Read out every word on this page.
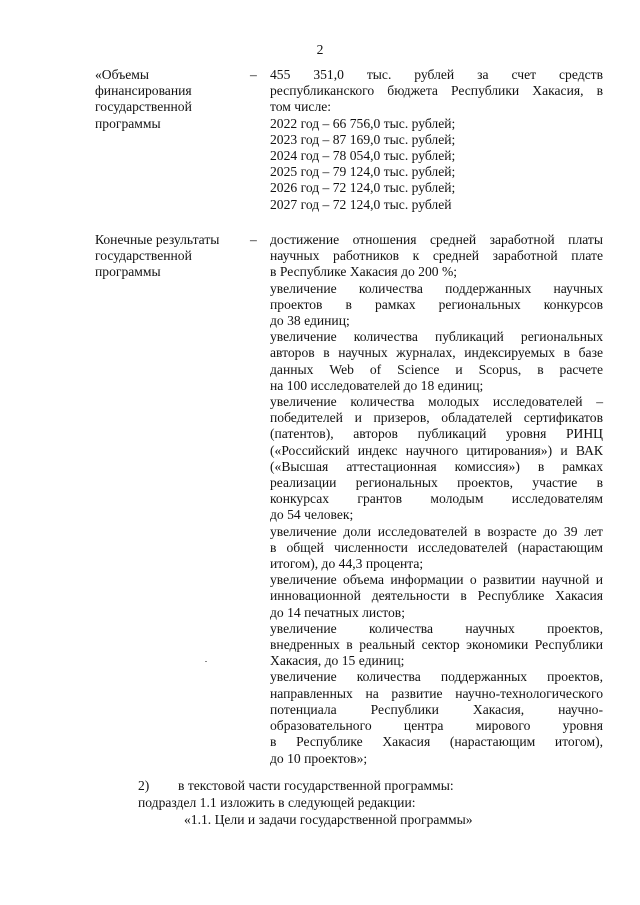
2
«Объемы
финансирования
государственной
программы
– 455 351,0 тыс. рублей за счет средств
республиканского бюджета Республики Хакасия, в
том числе:
2022 год – 66 756,0 тыс. рублей;
2023 год – 87 169,0 тыс. рублей;
2024 год – 78 054,0 тыс. рублей;
2025 год – 79 124,0 тыс. рублей;
2026 год – 72 124,0 тыс. рублей;
2027 год – 72 124,0 тыс. рублей
Конечные результаты
государственной
программы
– достижение отношения средней заработной платы
научных работников к средней заработной плате
в Республике Хакасия до 200 %;
увеличение количества поддержанных научных
проектов в рамках региональных конкурсов
до 38 единиц;
увеличение количества публикаций региональных
авторов в научных журналах, индексируемых в базе
данных Web of Science и Scopus, в расчете
на 100 исследователей до 18 единиц;
увеличение количества молодых исследователей –
победителей и призеров, обладателей сертификатов
(патентов), авторов публикаций уровня РИНЦ
(«Российский индекс научного цитирования») и ВАК
(«Высшая аттестационная комиссия») в рамках
реализации региональных проектов, участие в
конкурсах грантов молодым исследователям
до 54 человек;
увеличение доли исследователей в возрасте до 39 лет
в общей численности исследователей (нарастающим
итогом), до 44,3 процента;
увеличение объема информации о развитии научной и
инновационной деятельности в Республике Хакасия
до 14 печатных листов;
увеличение количества научных проектов,
внедренных в реальный сектор экономики Республики
Хакасия, до 15 единиц;
увеличение количества поддержанных проектов,
направленных на развитие научно-технологического
потенциала Республики Хакасия, научно-
образовательного центра мирового уровня
в Республике Хакасия (нарастающим итогом),
до 10 проектов»;
2) в текстовой части государственной программы:
подраздел 1.1 изложить в следующей редакции:
«1.1. Цели и задачи государственной программы»
